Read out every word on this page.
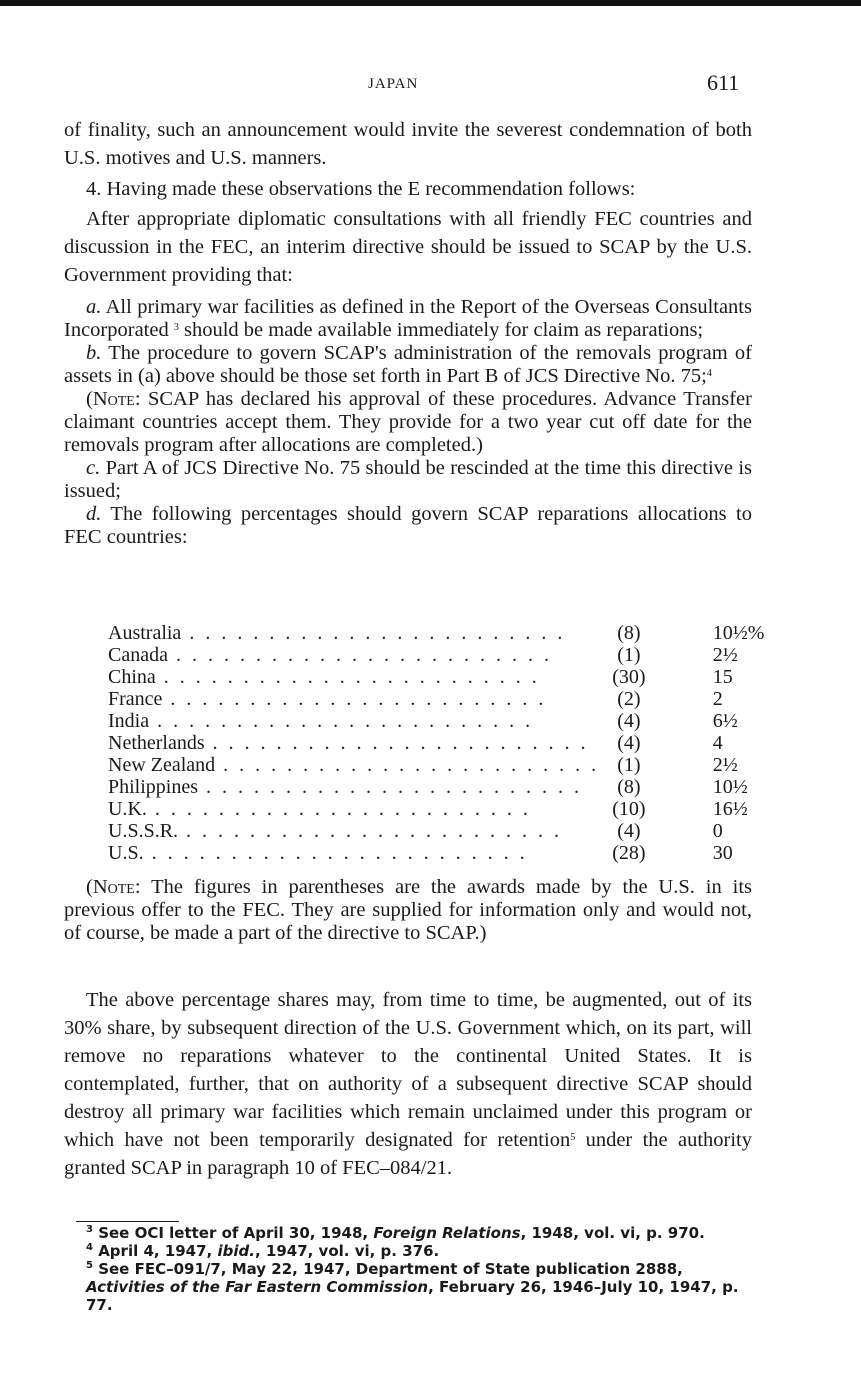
JAPAN	611

of finality, such an announcement would invite the severest condemnation of both U.S. motives and U.S. manners.

4. Having made these observations the E recommendation follows:

After appropriate diplomatic consultations with all friendly FEC countries and discussion in the FEC, an interim directive should be issued to SCAP by the U.S. Government providing that:

a. All primary war facilities as defined in the Report of the Overseas Consultants Incorporated $^3$ should be made available immediately for claim as reparations;

b. The procedure to govern SCAP's administration of the removals program of assets in (a) above should be those set forth in Part B of JCS Directive No. 75;$^4$

(Note: SCAP has declared his approval of these procedures. Advance Transfer claimant countries accept them. They provide for a two year cut off date for the removals program after allocations are completed.)

c. Part A of JCS Directive No. 75 should be rescinded at the time this directive is issued;

d. The following percentages should govern SCAP reparations allocations to FEC countries:

Australia . . .	(8)	10½%
Canada . . .	(1)	2½
China . . .	(30)	15
France . . .	(2)	2
India . . .	(4)	6½
Netherlands . . .	(4)	4
New Zealand . . .	(1)	2½
Philippines . . .	(8)	10½
U.K. . . .	(10)	16½
U.S.S.R. . . .	(4)	0
U.S. . . .	(28)	30

(Note: The figures in parentheses are the awards made by the U.S. in its previous offer to the FEC. They are supplied for information only and would not, of course, be made a part of the directive to SCAP.)

The above percentage shares may, from time to time, be augmented, out of its 30% share, by subsequent direction of the U.S. Government which, on its part, will remove no reparations whatever to the continental United States. It is contemplated, further, that on authority of a subsequent directive SCAP should destroy all primary war facilities which remain unclaimed under this program or which have not been temporarily designated for retention$^5$ under the authority granted SCAP in paragraph 10 of FEC–084/21.

$^3$ See OCI letter of April 30, 1948, Foreign Relations, 1948, vol. vi, p. 970.
$^4$ April 4, 1947, ibid., 1947, vol. vi, p. 376.
$^5$ See FEC–091/7, May 22, 1947, Department of State publication 2888, Activities of the Far Eastern Commission, February 26, 1946–July 10, 1947, p. 77.
